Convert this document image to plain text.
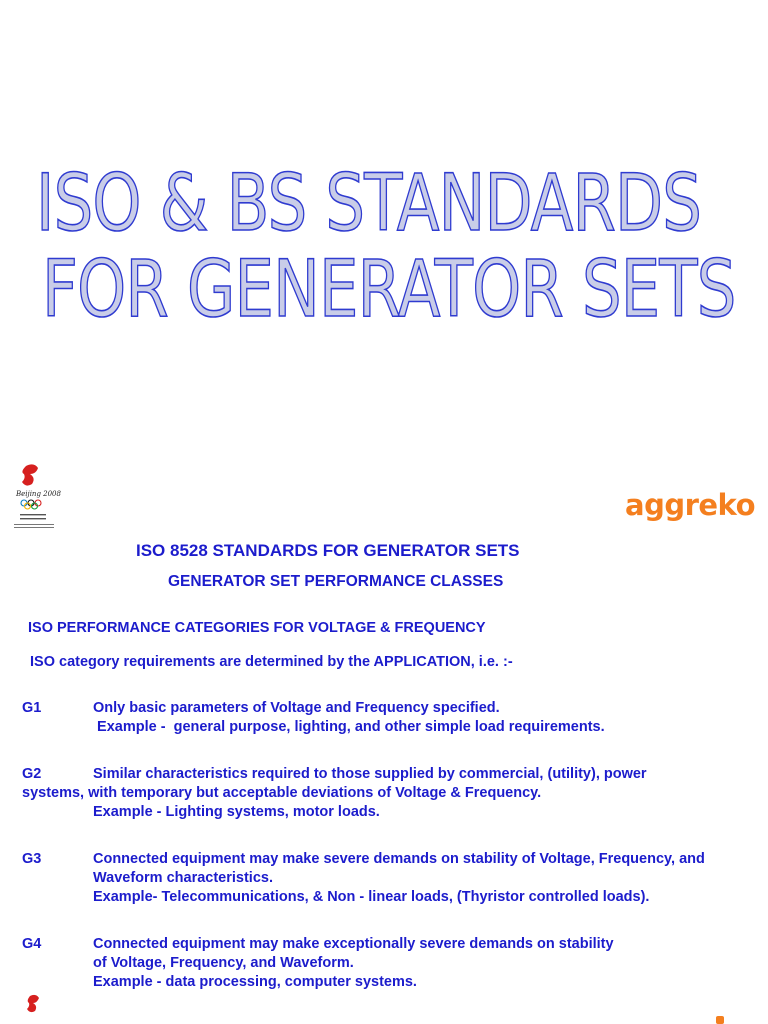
ISO & BS STANDARDS
FOR GENERATOR SETS
Beijing 2008	aggreko
ISO 8528 STANDARDS FOR GENERATOR SETS
GENERATOR SET PERFORMANCE CLASSES
ISO PERFORMANCE CATEGORIES FOR VOLTAGE & FREQUENCY
ISO category requirements are determined by the APPLICATION, i.e. :-
G1	Only basic parameters of Voltage and Frequency specified.
Example -  general purpose, lighting, and other simple load requirements.
G2	Similar characteristics required to those supplied by commercial, (utility), power
systems, with temporary but acceptable deviations of Voltage & Frequency.
Example - Lighting systems, motor loads.
G3	Connected equipment may make severe demands on stability of Voltage, Frequency, and
Waveform characteristics.
Example- Telecommunications, & Non - linear loads, (Thyristor controlled loads).
G4	Connected equipment may make exceptionally severe demands on stability
of Voltage, Frequency, and Waveform.
Example - data processing, computer systems.
